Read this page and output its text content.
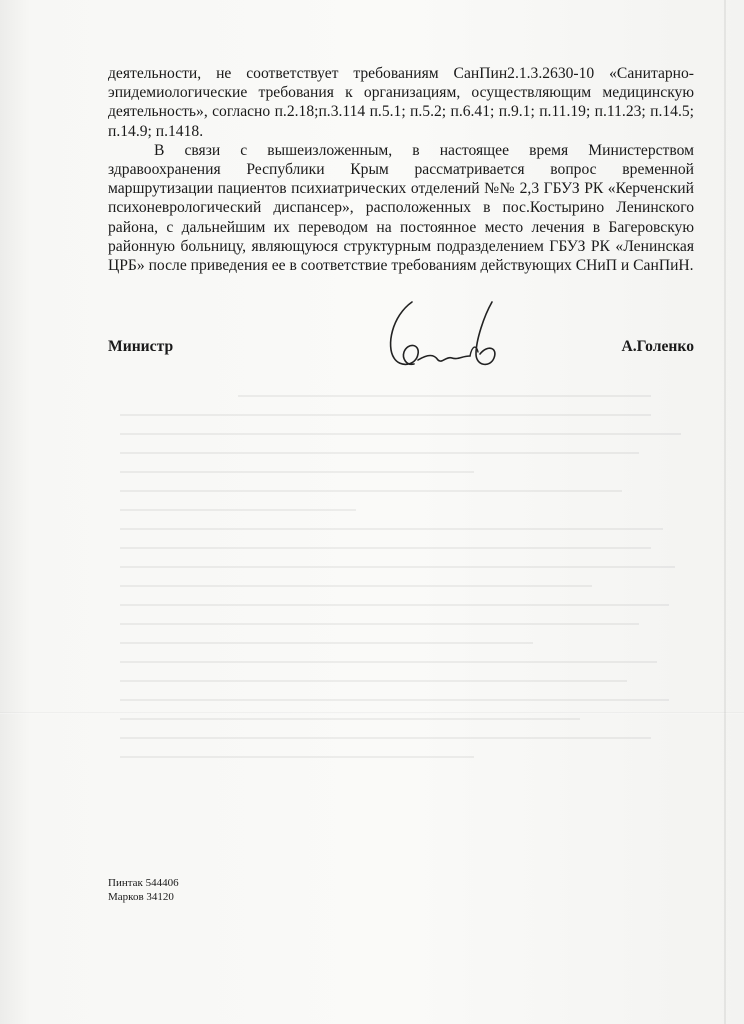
деятельности, не соответствует требованиям СанПин2.1.3.2630-10 «Санитарно-эпидемиологические требования к организациям, осуществляющим медицинскую деятельность», согласно п.2.18;п.3.114 п.5.1; п.5.2; п.6.41; п.9.1; п.11.19; п.11.23; п.14.5; п.14.9; п.1418.

В связи с вышеизложенным, в настоящее время Министерством здравоохранения Республики Крым рассматривается вопрос временной маршрутизации пациентов психиатрических отделений №№ 2,3 ГБУЗ РК «Керченский психоневрологический диспансер», расположенных в пос.Костырино Ленинского района, с дальнейшим их переводом на постоянное место лечения в Багеровскую районную больницу, являющуюся структурным подразделением ГБУЗ РК «Ленинская ЦРБ» после приведения ее в соответствие требованиям действующих СНиП и СанПиН.

Министр	А.Голенко
Пинтак 544406
Марков 34120
